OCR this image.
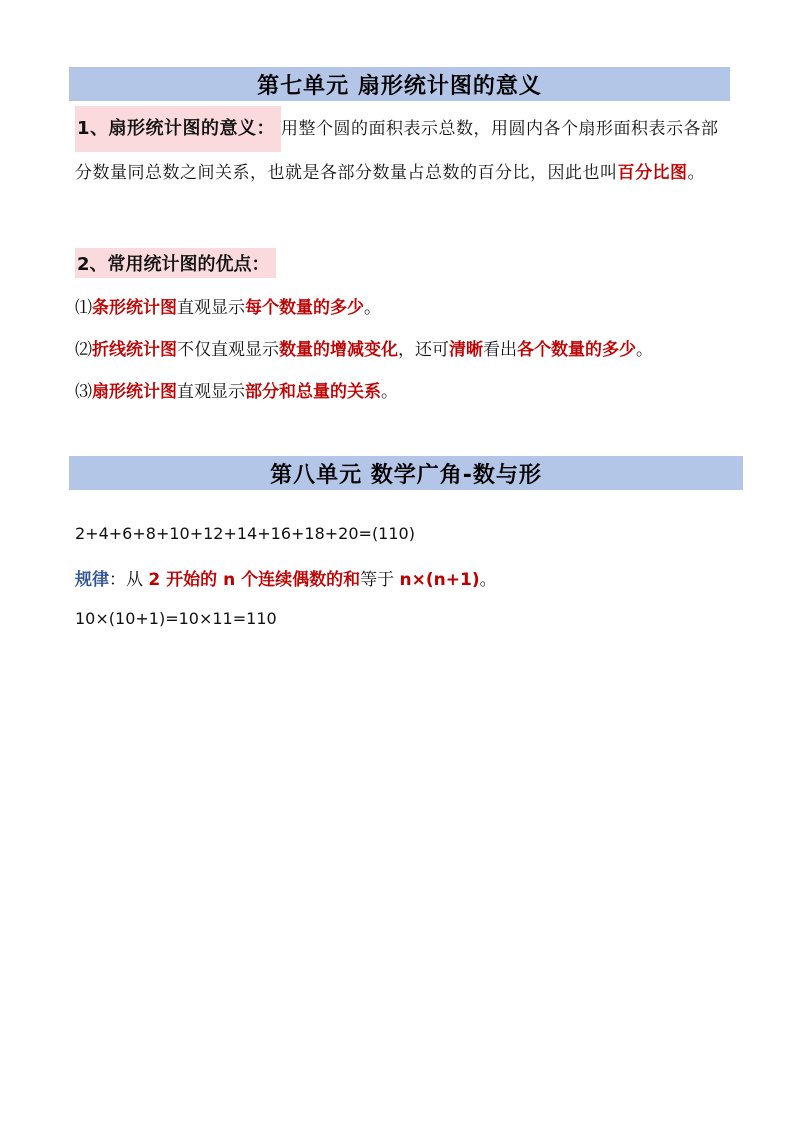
第七单元 扇形统计图的意义
1、扇形统计图的意义： 用整个圆的面积表示总数，用圆内各个扇形面积表示各部分数量同总数之间关系，也就是各部分数量占总数的百分比，因此也叫百分比图。
2、常用统计图的优点：
⑴条形统计图直观显示每个数量的多少。
⑵折线统计图不仅直观显示数量的增减变化，还可清晰看出各个数量的多少。
⑶扇形统计图直观显示部分和总量的关系。
第八单元 数学广角-数与形
2+4+6+8+10+12+14+16+18+20=(110)
规律：从 2 开始的 n 个连续偶数的和等于 n×(n+1)。
10×(10+1)=10×11=110
